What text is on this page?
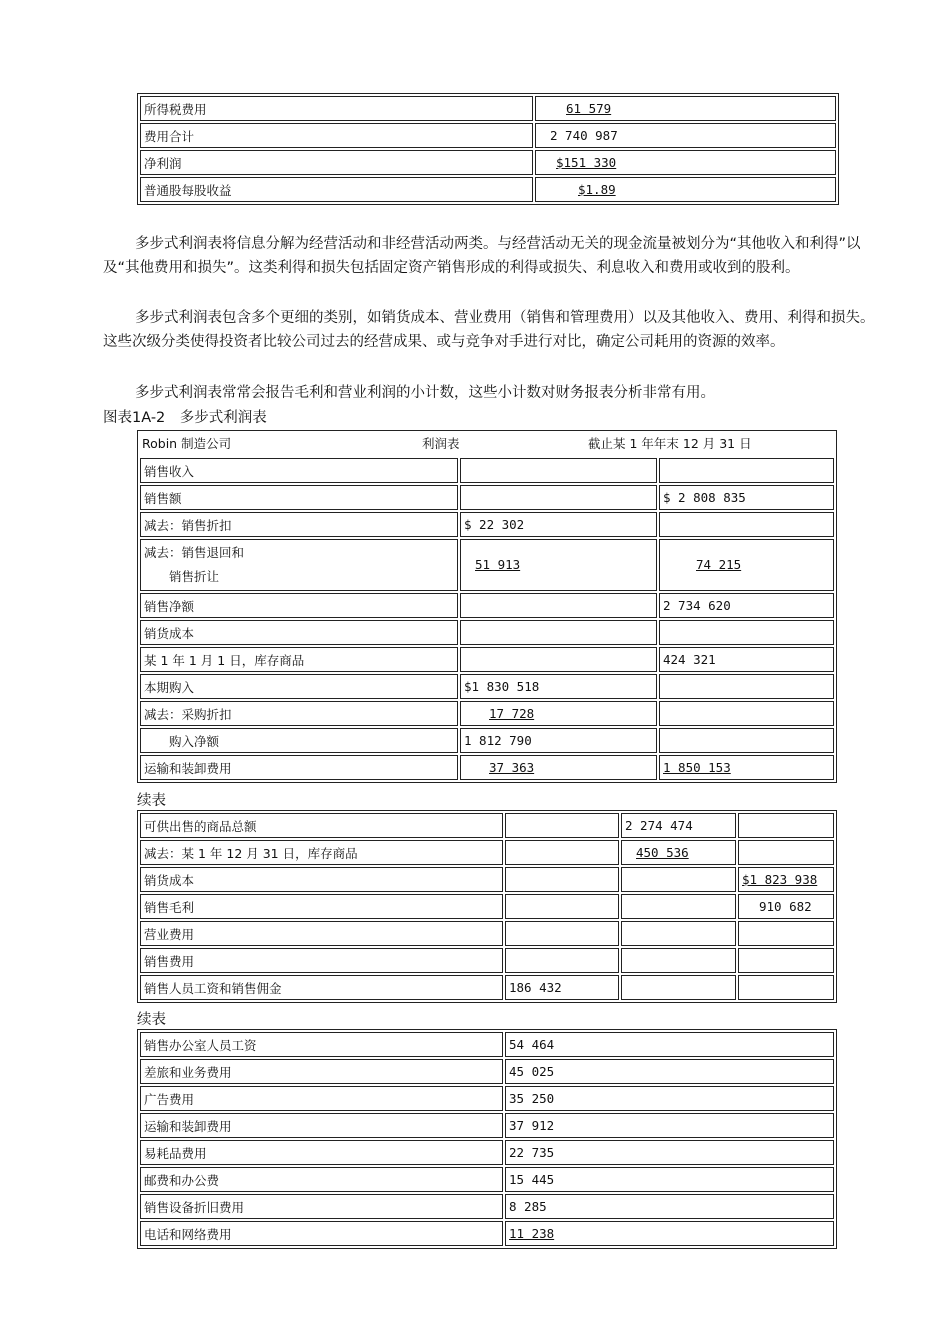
所得税费用	61 579
费用合计	2 740 987
净利润	$151 330
普通股每股收益	$1.89
多步式利润表将信息分解为经营活动和非经营活动两类。与经营活动无关的现金流量被划分为“其他收入和利得”以及“其他费用和损失”。这类利得和损失包括固定资产销售形成的利得或损失、利息收入和费用或收到的股利。
多步式利润表包含多个更细的类别，如销货成本、营业费用（销售和管理费用）以及其他收入、费用、利得和损失。这些次级分类使得投资者比较公司过去的经营成果、或与竞争对手进行对比，确定公司耗用的资源的效率。
多步式利润表常常会报告毛利和营业利润的小计数，这些小计数对财务报表分析非常有用。
图表1A-2　多步式利润表
Robin 制造公司	利润表	截止某 1 年年末 12 月 31 日
销售收入		
销售额		$ 2 808 835
减去：销售折扣	$ 22 302	
减去：销售退回和
　　销售折让	51 913	74 215
销售净额		2 734 620
销货成本		
某 1 年 1 月 1 日，库存商品		424 321
本期购入	$1 830 518	
减去：采购折扣	17 728	
　　购入净额	1 812 790	
运输和装卸费用	37 363	1 850 153
续表
可供出售的商品总额		2 274 474	
减去：某 1 年 12 月 31 日，库存商品		450 536	
销货成本			$1 823 938
销售毛利			910 682
营业费用			
销售费用			
销售人员工资和销售佣金	186 432		
续表
销售办公室人员工资	54 464
差旅和业务费用	45 025
广告费用	35 250
运输和装卸费用	37 912
易耗品费用	22 735
邮费和办公费	15 445
销售设备折旧费用	8 285
电话和网络费用	11 238
